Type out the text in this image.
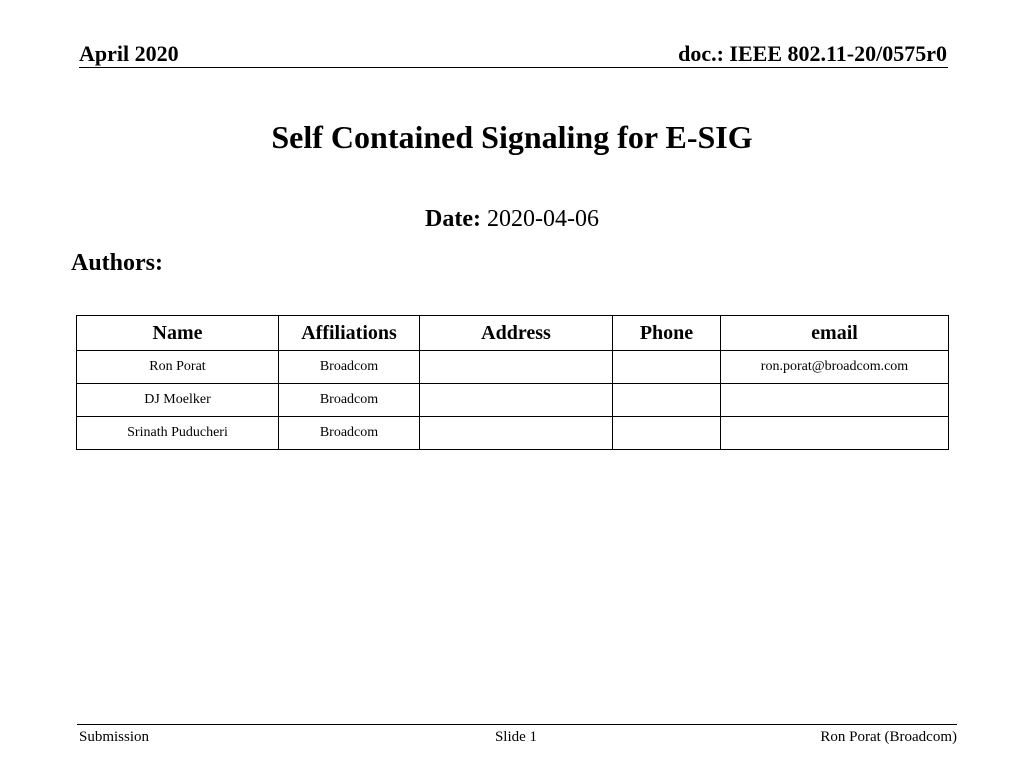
April 2020	doc.: IEEE 802.11-20/0575r0
Self Contained Signaling for E-SIG
Date: 2020-04-06
Authors:
Name	Affiliations	Address	Phone	email
Ron Porat	Broadcom			ron.porat@broadcom.com
DJ Moelker	Broadcom			
Srinath Puducheri	Broadcom			
Submission	Slide 1	Ron Porat (Broadcom)
